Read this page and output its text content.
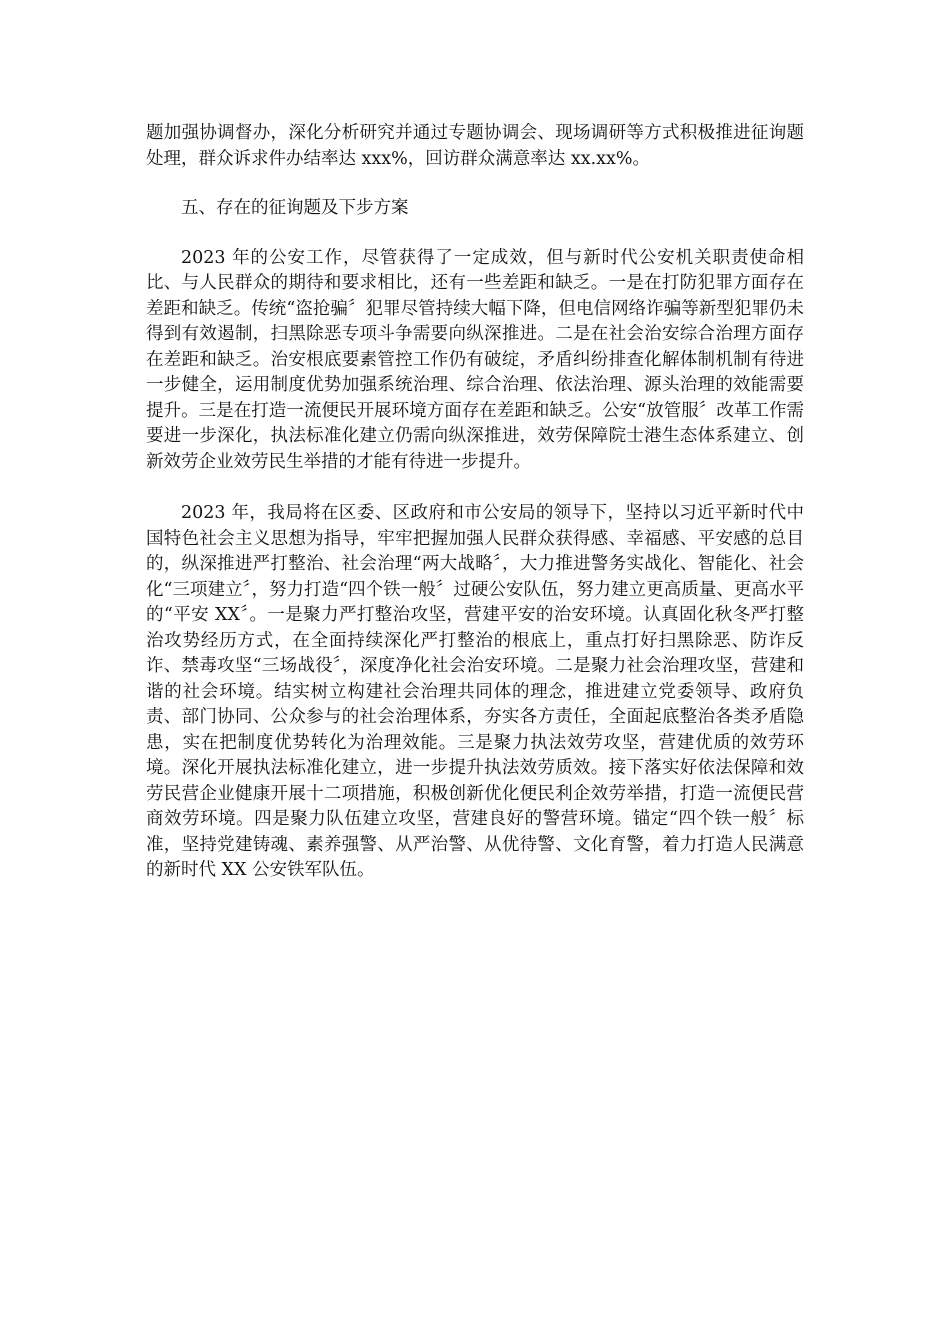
题加强协调督办，深化分析研究并通过专题协调会、现场调研等方式积极推进征询题处理，群众诉求件办结率达 xxx%，回访群众满意率达 xx.xx%。

五、存在的征询题及下步方案

2023 年的公安工作，尽管获得了一定成效，但与新时代公安机关职责使命相比、与人民群众的期待和要求相比，还有一些差距和缺乏。一是在打防犯罪方面存在差距和缺乏。传统“盗抢骗〞犯罪尽管持续大幅下降，但电信网络诈骗等新型犯罪仍未得到有效遏制，扫黑除恶专项斗争需要向纵深推进。二是在社会治安综合治理方面存在差距和缺乏。治安根底要素管控工作仍有破绽，矛盾纠纷排查化解体制机制有待进一步健全，运用制度优势加强系统治理、综合治理、依法治理、源头治理的效能需要提升。三是在打造一流便民开展环境方面存在差距和缺乏。公安“放管服〞改革工作需要进一步深化，执法标准化建立仍需向纵深推进，效劳保障院士港生态体系建立、创新效劳企业效劳民生举措的才能有待进一步提升。

2023 年，我局将在区委、区政府和市公安局的领导下，坚持以习近平新时代中国特色社会主义思想为指导，牢牢把握加强人民群众获得感、幸福感、平安感的总目的，纵深推进严打整治、社会治理“两大战略〞，大力推进警务实战化、智能化、社会化“三项建立〞，努力打造“四个铁一般〞过硬公安队伍，努力建立更高质量、更高水平的“平安 XX〞。一是聚力严打整治攻坚，营建平安的治安环境。认真固化秋冬严打整治攻势经历方式，在全面持续深化严打整治的根底上，重点打好扫黑除恶、防诈反诈、禁毒攻坚“三场战役〞，深度净化社会治安环境。二是聚力社会治理攻坚，营建和谐的社会环境。结实树立构建社会治理共同体的理念，推进建立党委领导、政府负责、部门协同、公众参与的社会治理体系，夯实各方责任，全面起底整治各类矛盾隐患，实在把制度优势转化为治理效能。三是聚力执法效劳攻坚，营建优质的效劳环境。深化开展执法标准化建立，进一步提升执法效劳质效。接下落实好依法保障和效劳民营企业健康开展十二项措施，积极创新优化便民利企效劳举措，打造一流便民营商效劳环境。四是聚力队伍建立攻坚，营建良好的警营环境。锚定“四个铁一般〞标准，坚持党建铸魂、素养强警、从严治警、从优待警、文化育警，着力打造人民满意的新时代 XX 公安铁军队伍。
